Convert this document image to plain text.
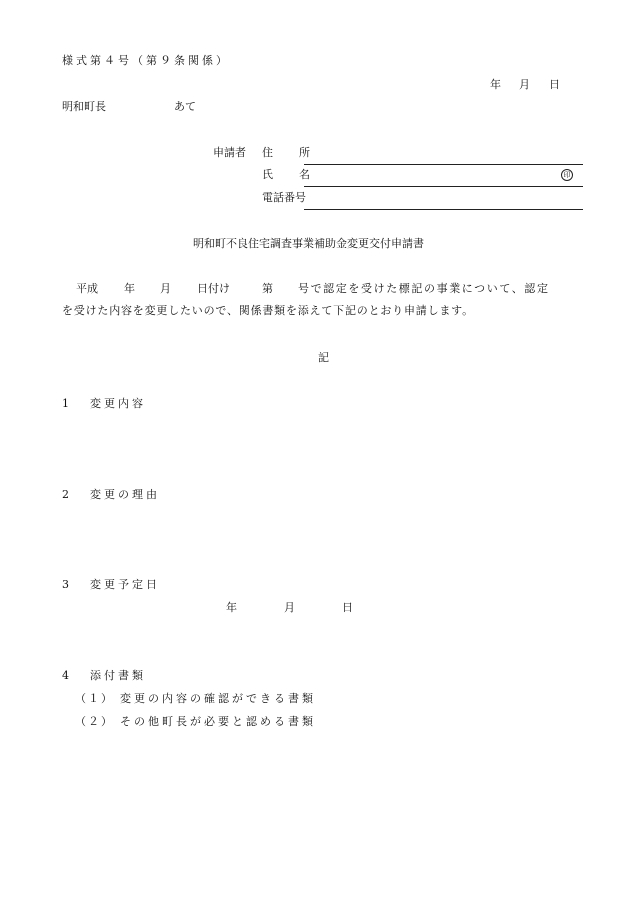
様式第４号（第９条関係）
年 月 日
明和町長	あて
申請者 住 所
氏 名	印
電話番号
明和町不良住宅調査事業補助金変更交付申請書
平成 年 月 日付け	第 号で認定を受けた標記の事業について、認定
を受けた内容を変更したいので、関係書類を添えて下記のとおり申請します。
記
1 変更内容
2 変更の理由
3 変更予定日
年	月	日
4 添付書類
（１） 変更の内容の確認ができる書類
（２） その他町長が必要と認める書類
